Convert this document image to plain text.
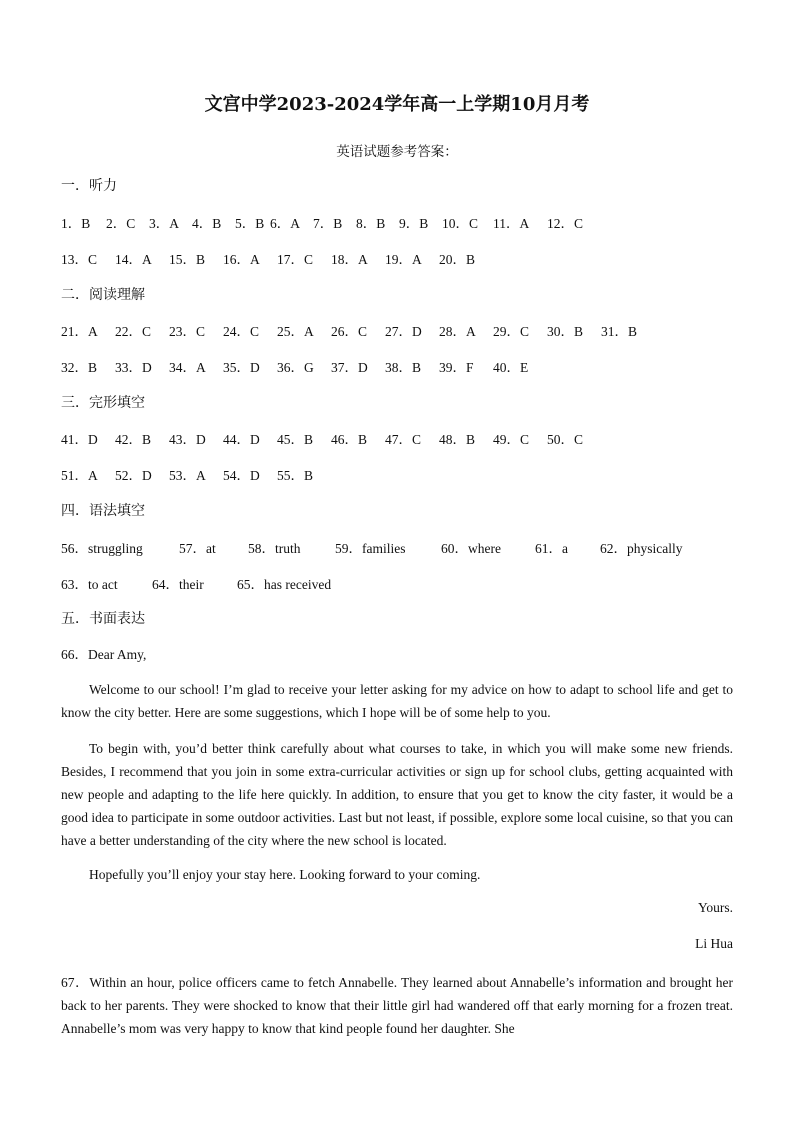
文宫中学2023-2024学年高一上学期10月月考
英语试题参考答案：
一．听力
1．B 2．C 3．A 4．B 5．B 6．A 7．B 8．B 9．B 10．C 11．A 12．C
13．C 14．A 15．B 16．A 17．C 18．A 19．A 20．B
二．阅读理解
21．A 22．C 23．C 24．C 25．A 26．C 27．D 28．A 29．C 30．B 31．B
32．B 33．D 34．A 35．D 36．G 37．D 38．B 39．F 40．E
三．完形填空
41．D 42．B 43．D 44．D 45．B 46．B 47．C 48．B 49．C 50．C
51．A 52．D 53．A 54．D 55．B
四．语法填空
56．struggling	57．at 58．truth	59．families	60．where	61．a 62．physically
63．to act	64．their 65．has received
五．书面表达
66．Dear Amy,
Welcome to our school! I’m glad to receive your letter asking for my advice on how to adapt to school life and get to know the city better. Here are some suggestions, which I hope will be of some help to you.
To begin with, you’d better think carefully about what courses to take, in which you will make some new friends. Besides, I recommend that you join in some extra-curricular activities or sign up for school clubs, getting acquainted with new people and adapting to the life here quickly. In addition, to ensure that you get to know the city faster, it would be a good idea to participate in some outdoor activities. Last but not least, if possible, explore some local cuisine, so that you can have a better understanding of the city where the new school is located.
Hopefully you’ll enjoy your stay here. Looking forward to your coming.
Yours.
Li Hua
67．Within an hour, police officers came to fetch Annabelle. They learned about Annabelle’s information and brought her back to her parents. They were shocked to know that their little girl had wandered off that early morning for a frozen treat. Annabelle’s mom was very happy to know that kind people found her daughter. She
